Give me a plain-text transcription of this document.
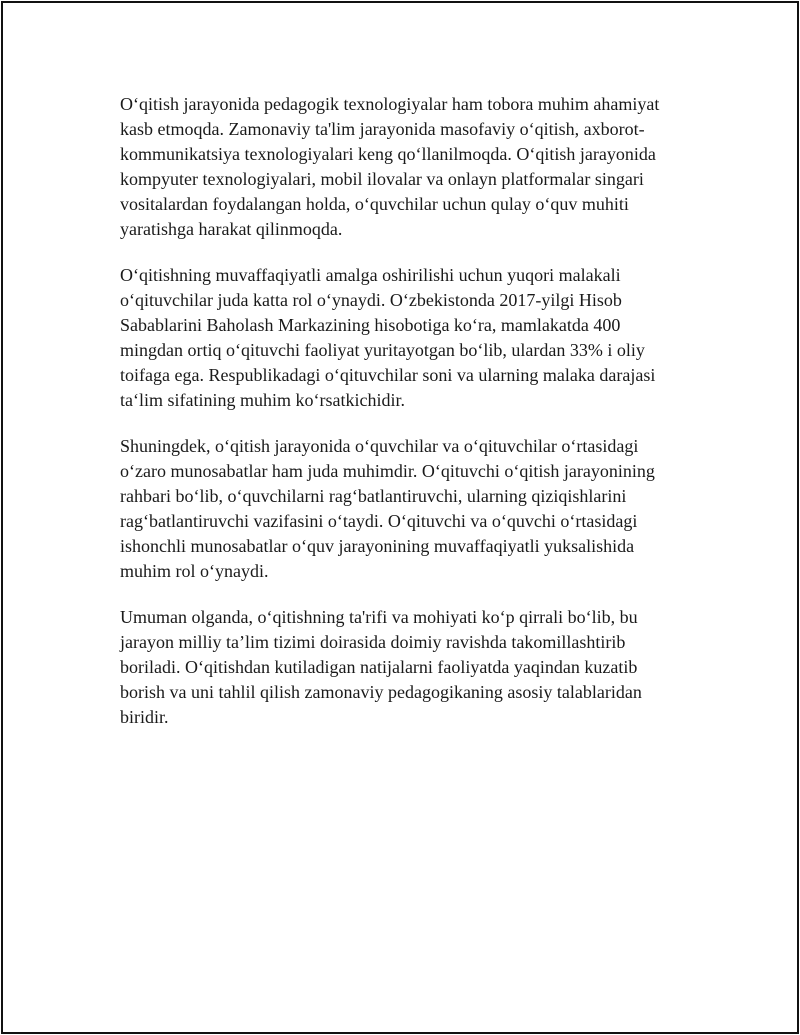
O‘qitish jarayonida pedagogik texnologiyalar ham tobora muhim ahamiyat kasb etmoqda. Zamonaviy ta'lim jarayonida masofaviy o‘qitish, axborot-kommunikatsiya texnologiyalari keng qo‘llanilmoqda. O‘qitish jarayonida kompyuter texnologiyalari, mobil ilovalar va onlayn platformalar singari vositalardan foydalangan holda, o‘quvchilar uchun qulay o‘quv muhiti yaratishga harakat qilinmoqda.

O‘qitishning muvaffaqiyatli amalga oshirilishi uchun yuqori malakali o‘qituvchilar juda katta rol o‘ynaydi. O‘zbekistonda 2017-yilgi Hisob Sabablarini Baholash Markazining hisobotiga ko‘ra, mamlakatda 400 mingdan ortiq o‘qituvchi faoliyat yuritayotgan bo‘lib, ulardan 33% i oliy toifaga ega. Respublikadagi o‘qituvchilar soni va ularning malaka darajasi ta‘lim sifatining muhim ko‘rsatkichidir.

Shuningdek, o‘qitish jarayonida o‘quvchilar va o‘qituvchilar o‘rtasidagi o‘zaro munosabatlar ham juda muhimdir. O‘qituvchi o‘qitish jarayonining rahbari bo‘lib, o‘quvchilarni rag‘batlantiruvchi, ularning qiziqishlarini rag‘batlantiruvchi vazifasini o‘taydi. O‘qituvchi va o‘quvchi o‘rtasidagi ishonchli munosabatlar o‘quv jarayonining muvaffaqiyatli yuksalishida muhim rol o‘ynaydi.

Umuman olganda, o‘qitishning ta'rifi va mohiyati ko‘p qirrali bo‘lib, bu jarayon milliy ta’lim tizimi doirasida doimiy ravishda takomillashtirib boriladi. O‘qitishdan kutiladigan natijalarni faoliyatda yaqindan kuzatib borish va uni tahlil qilish zamonaviy pedagogikaning asosiy talablaridan biridir.
